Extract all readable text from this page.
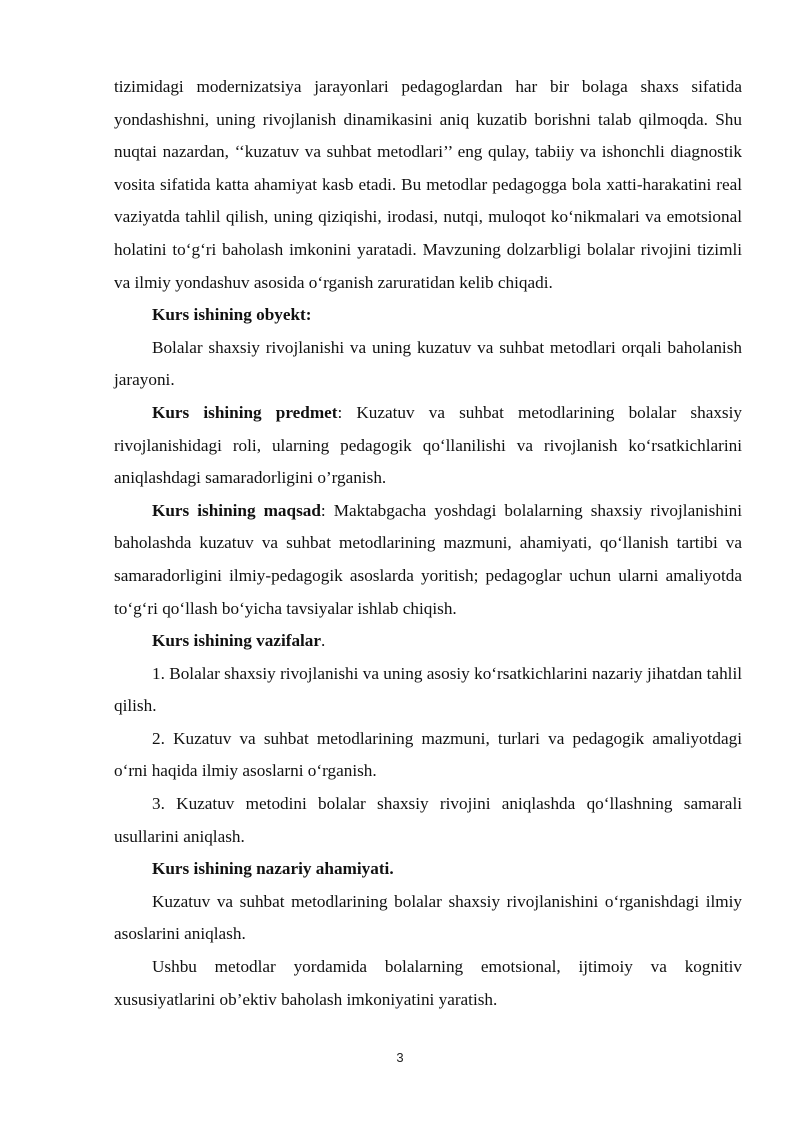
tizimidagi modernizatsiya jarayonlari pedagoglardan har bir bolaga shaxs sifatida yondashishni, uning rivojlanish dinamikasini aniq kuzatib borishni talab qilmoqda. Shu nuqtai nazardan, ‘‘kuzatuv va suhbat metodlari’’ eng qulay, tabiiy va ishonchli diagnostik vosita sifatida katta ahamiyat kasb etadi. Bu metodlar pedagogga bola xatti-harakatini real vaziyatda tahlil qilish, uning qiziqishi, irodasi, nutqi, muloqot ko‘nikmalari va emotsional holatini to‘g‘ri baholash imkonini yaratadi. Mavzuning dolzarbligi bolalar rivojini tizimli va ilmiy yondashuv asosida o‘rganish zaruratidan kelib chiqadi.

Kurs ishining obyekt:

Bolalar shaxsiy rivojlanishi va uning kuzatuv va suhbat metodlari orqali baholanish jarayoni.

Kurs ishining predmet: Kuzatuv va suhbat metodlarining bolalar shaxsiy rivojlanishidagi roli, ularning pedagogik qo‘llanilishi va rivojlanish ko‘rsatkichlarini aniqlashdagi samaradorligini o’rganish.

Kurs ishining maqsad: Maktabgacha yoshdagi bolalarning shaxsiy rivojlanishini baholashda kuzatuv va suhbat metodlarining mazmuni, ahamiyati, qo‘llanish tartibi va samaradorligini ilmiy-pedagogik asoslarda yoritish; pedagoglar uchun ularni amaliyotda to‘g‘ri qo‘llash bo‘yicha tavsiyalar ishlab chiqish.

Kurs ishining vazifalar.

1. Bolalar shaxsiy rivojlanishi va uning asosiy ko‘rsatkichlarini nazariy jihatdan tahlil qilish.

2. Kuzatuv va suhbat metodlarining mazmuni, turlari va pedagogik amaliyotdagi o‘rni haqida ilmiy asoslarni o‘rganish.

3. Kuzatuv metodini bolalar shaxsiy rivojini aniqlashda qo‘llashning samarali usullarini aniqlash.

Kurs ishining nazariy ahamiyati.

Kuzatuv va suhbat metodlarining bolalar shaxsiy rivojlanishini o‘rganishdagi ilmiy asoslarini aniqlash.

Ushbu metodlar yordamida bolalarning emotsional, ijtimoiy va kognitiv xususiyatlarini ob’ektiv baholash imkoniyatini yaratish.

3
